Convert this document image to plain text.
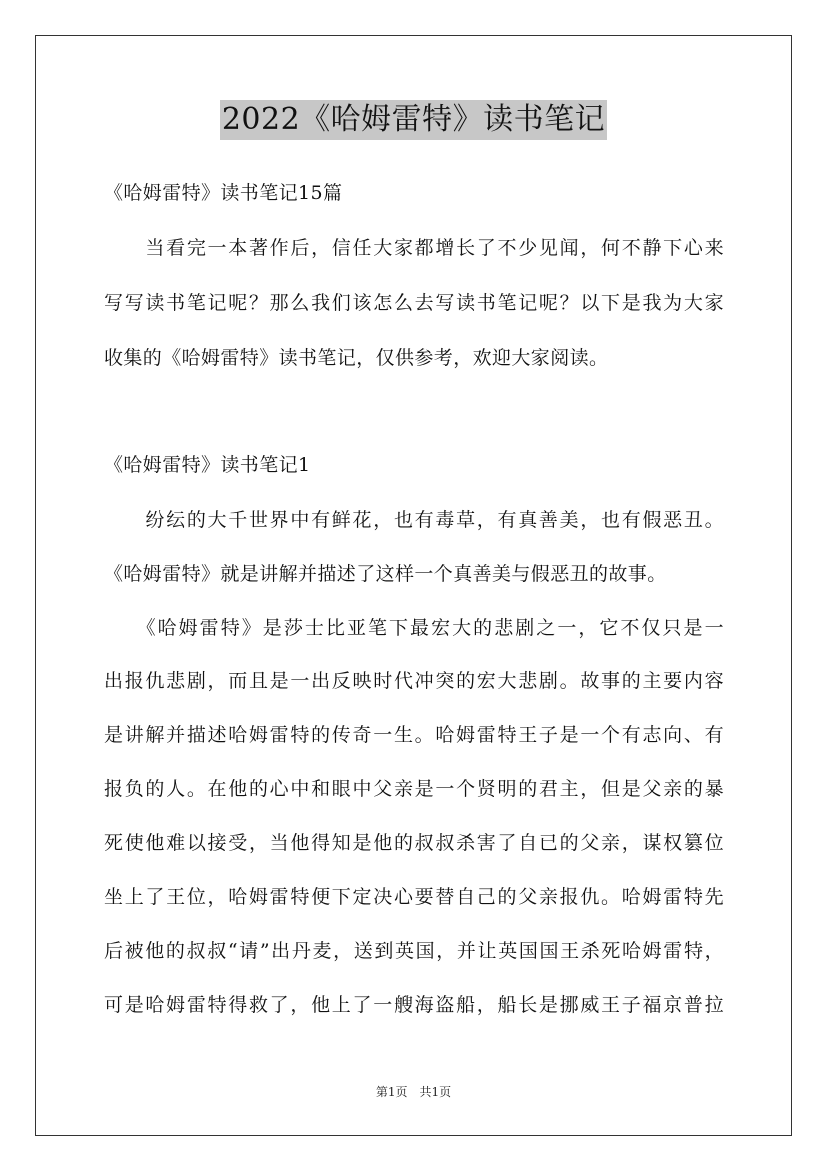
2022《哈姆雷特》读书笔记
《哈姆雷特》读书笔记15篇
　　当看完一本著作后，信任大家都增长了不少见闻，何不静下心来
写写读书笔记呢？那么我们该怎么去写读书笔记呢？以下是我为大家
收集的《哈姆雷特》读书笔记，仅供参考，欢迎大家阅读。
《哈姆雷特》读书笔记1
　　纷纭的大千世界中有鲜花，也有毒草，有真善美，也有假恶丑。
《哈姆雷特》就是讲解并描述了这样一个真善美与假恶丑的故事。
　　《哈姆雷特》是莎士比亚笔下最宏大的悲剧之一，它不仅只是一
出报仇悲剧，而且是一出反映时代冲突的宏大悲剧。故事的主要内容
是讲解并描述哈姆雷特的传奇一生。哈姆雷特王子是一个有志向、有
报负的人。在他的心中和眼中父亲是一个贤明的君主，但是父亲的暴
死使他难以接受，当他得知是他的叔叔杀害了自已的父亲，谋权篡位
坐上了王位，哈姆雷特便下定决心要替自己的父亲报仇。哈姆雷特先
后被他的叔叔“请”出丹麦，送到英国，并让英国国王杀死哈姆雷特，
可是哈姆雷特得救了，他上了一艘海盗船，船长是挪威王子福京普拉
第1页　共1页
